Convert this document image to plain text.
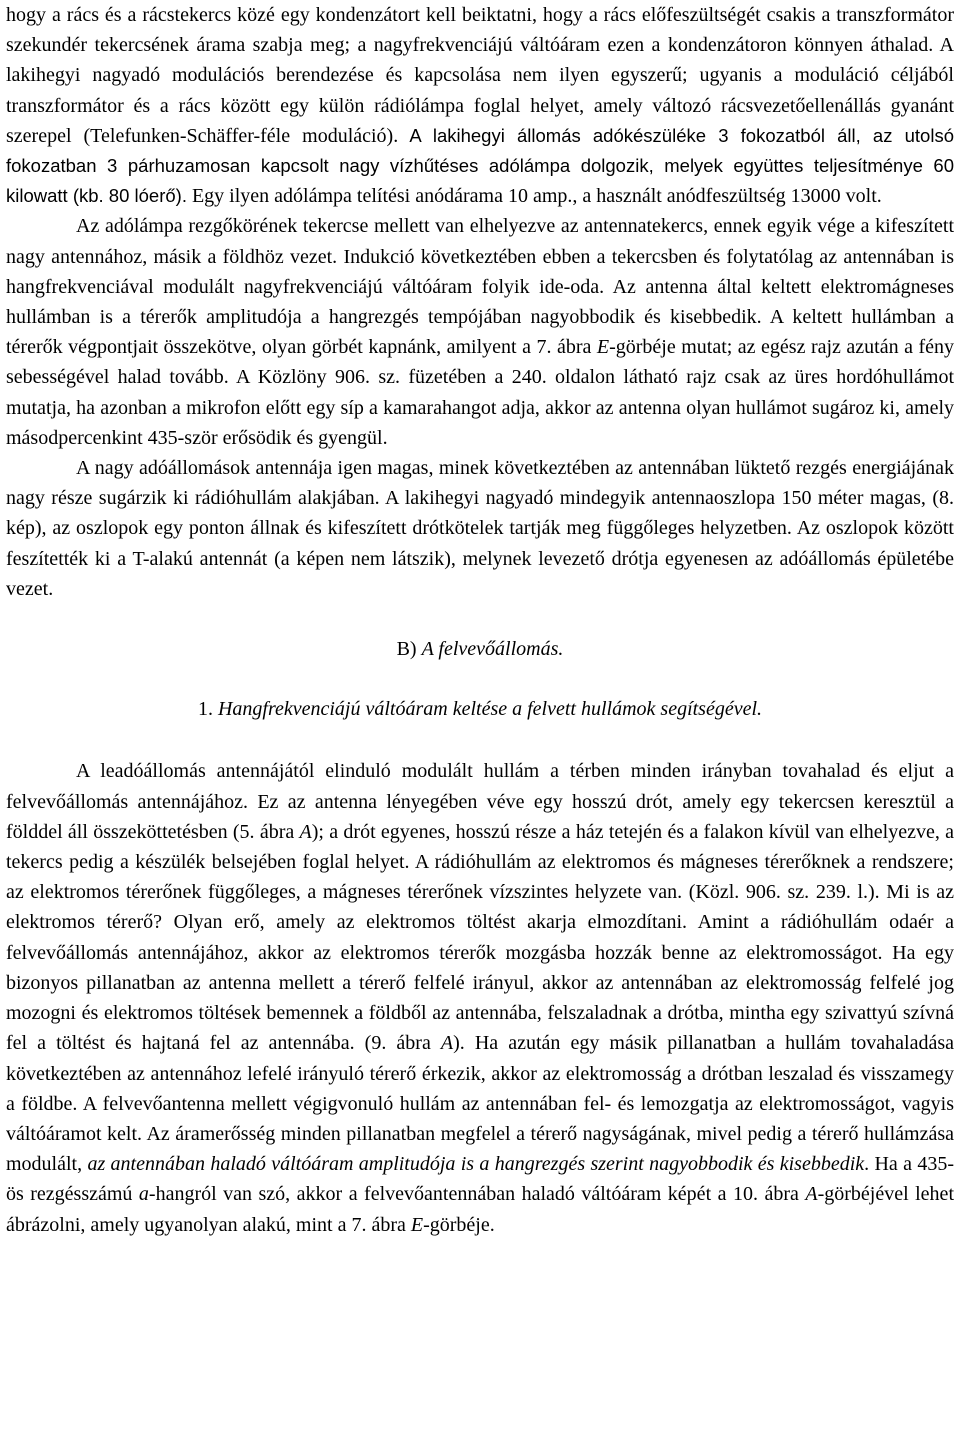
hogy a rács és a rácstekercs közé egy kondenzátort kell beiktatni, hogy a rács előfeszültségét csakis a transzformátor szekundér tekercsének árama szabja meg; a nagyfrekvenciájú váltóáram ezen a kondenzátoron könnyen áthalad. A lakihegyi nagyadó modulációs berendezése és kapcsolása nem ilyen egyszerű; ugyanis a moduláció céljából transzformátor és a rács között egy külön rádiólámpa foglal helyet, amely változó rácsvezetőellenállás gyanánt szerepel (Telefunken-Schäffer-féle moduláció). A lakihegyi állomás adókészüléke 3 fokozatból áll, az utolsó fokozatban 3 párhuzamosan kapcsolt nagy vízhűtéses adólámpa dolgozik, melyek együttes teljesítménye 60 kilowatt (kb. 80 lóerő). Egy ilyen adólámpa telítési anódárama 10 amp., a használt anódfeszültség 13000 volt.

Az adólámpa rezgőkörének tekercse mellett van elhelyezve az antennatekercs, ennek egyik vége a kifeszített nagy antennához, másik a földhöz vezet. Indukció következtében ebben a tekercsben és folytatólag az antennában is hangfrekvenciával modulált nagyfrekvenciájú váltóáram folyik ide-oda. Az antenna által keltett elektromágneses hullámban is a térerők amplitudója a hangrezgés tempójában nagyobbodik és kisebbedik. A keltett hullámban a térerők végpontjait összekötve, olyan görbét kapnánk, amilyent a 7. ábra E-görbéje mutat; az egész rajz azután a fény sebességével halad tovább. A Közlöny 906. sz. füzetében a 240. oldalon látható rajz csak az üres hordóhullámot mutatja, ha azonban a mikrofon előtt egy síp a kamarahangot adja, akkor az antenna olyan hullámot sugároz ki, amely másodpercenkint 435-ször erősödik és gyengül.

A nagy adóállomások antennája igen magas, minek következtében az antennában lüktető rezgés energiájának nagy része sugárzik ki rádióhullám alakjában. A lakihegyi nagyadó mindegyik antennaoszlopa 150 méter magas, (8. kép), az oszlopok egy ponton állnak és kifeszített drótkötelek tartják meg függőleges helyzetben. Az oszlopok között feszítették ki a T-alakú antennát (a képen nem látszik), melynek levezető drótja egyenesen az adóállomás épületébe vezet.

B) A felvevőállomás.

1. Hangfrekvenciájú váltóáram keltése a felvett hullámok segítségével.

A leadóállomás antennájától elinduló modulált hullám a térben minden irányban tovahalad és eljut a felvevőállomás antennájához. Ez az antenna lényegében véve egy hosszú drót, amely egy tekercsen keresztül a földdel áll összeköttetésben (5. ábra A); a drót egyenes, hosszú része a ház tetején és a falakon kívül van elhelyezve, a tekercs pedig a készülék belsejében foglal helyet. A rádióhullám az elektromos és mágneses térerőknek a rendszere; az elektromos térerőnek függőleges, a mágneses térerőnek vízszintes helyzete van. (Közl. 906. sz. 239. l.). Mi is az elektromos térerő? Olyan erő, amely az elektromos töltést akarja elmozdítani. Amint a rádióhullám odaér a felvevőállomás antennájához, akkor az elektromos térerők mozgásba hozzák benne az elektromosságot. Ha egy bizonyos pillanatban az antenna mellett a térerő felfelé irányul, akkor az antennában az elektromosság felfelé jog mozogni és elektromos töltések bemennek a földből az antennába, felszaladnak a drótba, mintha egy szivattyú szívná fel a töltést és hajtaná fel az antennába. (9. ábra A). Ha azután egy másik pillanatban a hullám tovahaladása következtében az antennához lefelé irányuló térerő érkezik, akkor az elektromosság a drótban leszalad és visszamegy a földbe. A felvevőantenna mellett végigvonuló hullám az antennában fel- és lemozgatja az elektromosságot, vagyis váltóáramot kelt. Az áramerősség minden pillanatban megfelel a térerő nagyságának, mivel pedig a térerő hullámzása modulált, az antennában haladó váltóáram amplitudója is a hangrezgés szerint nagyobbodik és kisebbedik. Ha a 435-ös rezgésszámú a-hangról van szó, akkor a felvevőantennában haladó váltóáram képét a 10. ábra A-görbéjével lehet ábrázolni, amely ugyanolyan alakú, mint a 7. ábra E-görbéje.
